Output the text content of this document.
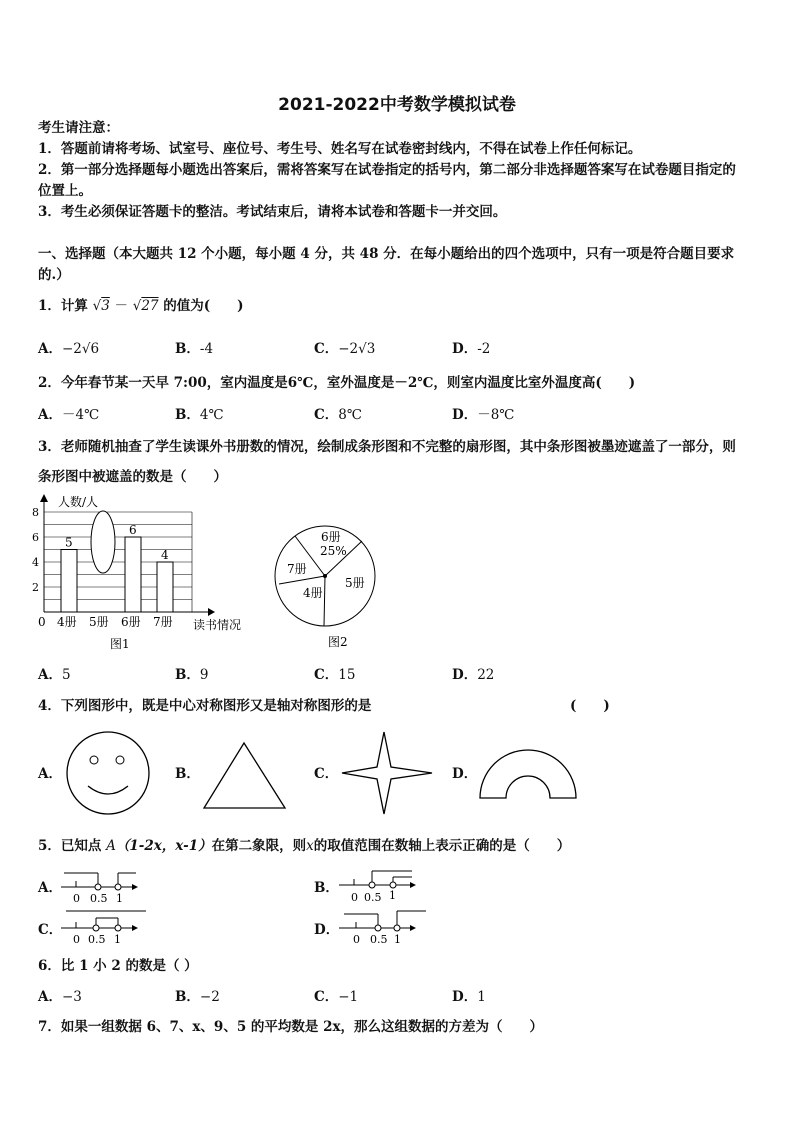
2021-2022中考数学模拟试卷
考生请注意：
1．答题前请将考场、试室号、座位号、考生号、姓名写在试卷密封线内，不得在试卷上作任何标记。
2．第一部分选择题每小题选出答案后，需将答案写在试卷指定的括号内，第二部分非选择题答案写在试卷题目指定的
位置上。
3．考生必须保证答题卡的整洁。考试结束后，请将本试卷和答题卡一并交回。
一、选择题（本大题共 12 个小题，每小题 4 分，共 48 分．在每小题给出的四个选项中，只有一项是符合题目要求
的.）
1．计算 √3 － √27 的值为(　　)
A．−2√6	B．-4	C．−2√3	D．-2
2．今年春节某一天早 7:00，室内温度是6℃，室外温度是－2℃，则室内温度比室外温度高(　　)
A．－4℃	B．4℃	C．8℃	D．－8℃
3．老师随机抽查了学生读课外书册数的情况，绘制成条形图和不完整的扇形图，其中条形图被墨迹遮盖了一部分，则
条形图中被遮盖的数是（　　）
人数/人
0	读书情况
2
4
6
8
5
4册 5册
6
6册
4
7册
图1
6册
25%
5册
4册
7册
图2
A．5	B．9	C．15	D．22
4．下列图形中，既是中心对称图形又是轴对称图形的是	(　　)
A．	B．	C．	D．
5．已知点 A（1-2x，x-1）在第二象限，则x的取值范围在数轴上表示正确的是（　　）
A．
0 0.5 1
B．
0 0.5 1
C．
0 0.5 1
D．
0 0.5 1
6．比 1 小 2 的数是（ ）
A．−3	B．−2	C．−1	D．1
7．如果一组数据 6、7、x、9、5 的平均数是 2x，那么这组数据的方差为（　　）
